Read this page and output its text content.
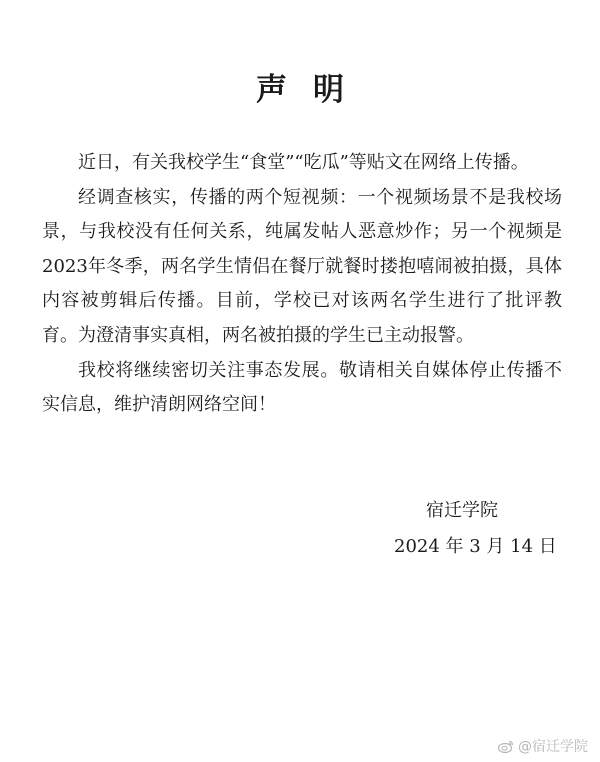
声明

近日，有关我校学生“食堂”“吃瓜”等贴文在网络上传播。

经调查核实，传播的两个短视频：一个视频场景不是我校场景，与我校没有任何关系，纯属发帖人恶意炒作；另一个视频是2023年冬季，两名学生情侣在餐厅就餐时搂抱嘻闹被拍摄，具体内容被剪辑后传播。目前，学校已对该两名学生进行了批评教育。为澄清事实真相，两名被拍摄的学生已主动报警。

我校将继续密切关注事态发展。敬请相关自媒体停止传播不实信息，维护清朗网络空间！

宿迁学院
2024 年 3 月 14 日
@宿迁学院
